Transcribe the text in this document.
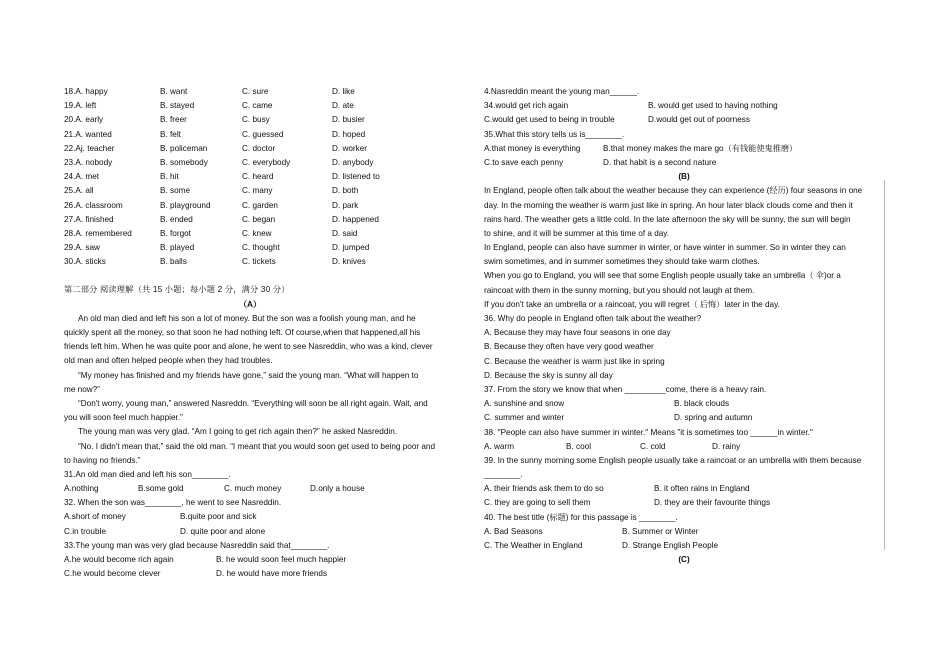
18.A. happy	B. want	C. sure	D. like
19.A. left	B. stayed	C. came	D. ate
20.A. early	B. freer	C. busy	D. busier
21.A. wanted	B. felt	C. guessed	D. hoped
22.Aj. teacher	B. policeman	C. doctor	D. worker
23.A. nobody	B. somebody	C. everybody	D. anybody
24.A. met	B. hit	C. heard	D. listened to
25.A. all	B. some	C. many	D. both
26.A. classroom	B. playground	C. garden	D. park
27.A. finished	B. ended	C. began	D. happened
28.A. remembered	B. forgot	C. knew	D. said
29.A. saw	B. played	C. thought	D. jumped
30.A. sticks	B. balls	C. tickets	D. knives
第二部分 阅读理解（共 15 小题；每小题 2 分，满分 30 分）
（A）
An old man died and left his son a lot of money. But the son was a foolish young man, and he
quickly spent all the money, so that soon he had nothing left. Of course,when that happened,all his
friends left him. When he was quite poor and alone, he went to see Nasreddin, who was a kind, clever
old man and often helped people when they had troubles.
“My money has finished and my friends have gone,” said the young man. “What will happen to
me now?”
“Don't worry, young man,” answered Nasreddn. “Everything will soon be all right again. Wait, and
you will soon feel much happier.”
The young man was very glad. “Am I going to get rich again then?” he asked Nasreddin.
“No. I didn't mean that,” said the old man. “I meant that you would soon get used to being poor and
to having no friends.”
31.An old man died and left his son________.
A.nothing	B.some gold	C. much money	D.only a house
32. When the son was________, he went to see Nasreddin.
A.short of money	B.quite poor and sick
C.in trouble	D. quite poor and alone
33.The young man was very glad because Nasreddin said that________.
A.he would become rich again	B. he would soon feel much happier
C.he would become clever	D. he would have more friends
4.Nasreddin meant the young man______.
34.would get rich again	B. would get used to having nothing
C.would get used to being in trouble	D.would get out of poorness
35.What this story tells us is________.
A.that money is everything	B.that money makes the mare go（有钱能使鬼推磨）
C.to save each penny	D. that habit is a second nature
(B)
In England, people often talk about the weather because they can experience (经历) four seasons in one
day. In the morning the weather is warm just like in spring. An hour later black clouds come and then it
rains hard. The weather gets a little cold. In the late afternoon the sky will be sunny, the sun will begin
to shine, and it will be summer at this time of a day.
In England, people can also have summer in winter, or have winter in summer. So in winter they can
swim sometimes, and in summer sometimes they should take warm clothes.
When you go to England, you will see that some English people usually take an umbrella（ 伞)or a
raincoat with them in the sunny morning, but you should not laugh at them.
If you don't take an umbrella or a raincoat, you will regret（ 后悔）later in the day.
36. Why do people in England often talk about the weather?
A. Because they may have four seasons in one day
B. Because they often have very good weather
C. Because the weather is warm just like in spring
D. Because the sky is sunny all day
37. From the story we know that when _________come, there is a heavy rain.
A. sunshine and snow	B. black clouds
C. summer and winter	D. spring and autumn
38. "People can also have summer in winter." Means "it is sometimes too ______in winter."
A. warm	B. cool	C. cold	D. rainy
39. In the sunny morning some English people usually take a raincoat or an umbrella with them because
________.
A. their friends ask them to do so	B. it often rains in England
C. they are going to sell them	D. they are their favourite things
40. The best title (标题) for this passage is ________.
A. Bad Seasons	B. Summer or Winter
C. The Weather in England	D. Strange English People
(C)
